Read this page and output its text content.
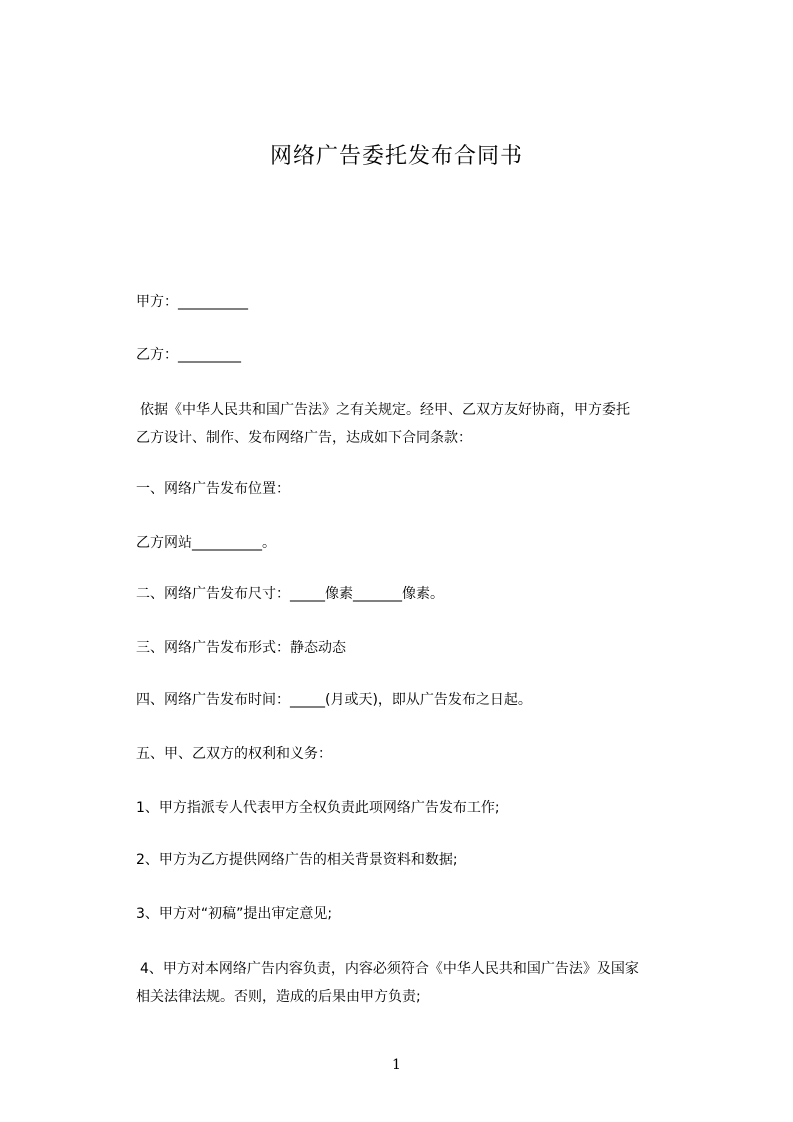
网络广告委托发布合同书
甲方：__________
乙方：_________
依据《中华人民共和国广告法》之有关规定。经甲、乙双方友好协商，甲方委托
乙方设计、制作、发布网络广告，达成如下合同条款：
一、网络广告发布位置：
乙方网站__________。
二、网络广告发布尺寸：_____像素_______像素。
三、网络广告发布形式：静态动态
四、网络广告发布时间：_____(月或天)，即从广告发布之日起。
五、甲、乙双方的权利和义务：
1、甲方指派专人代表甲方全权负责此项网络广告发布工作;
2、甲方为乙方提供网络广告的相关背景资料和数据;
3、甲方对“初稿”提出审定意见;
4、甲方对本网络广告内容负责，内容必须符合《中华人民共和国广告法》及国家
相关法律法规。否则，造成的后果由甲方负责;
1
